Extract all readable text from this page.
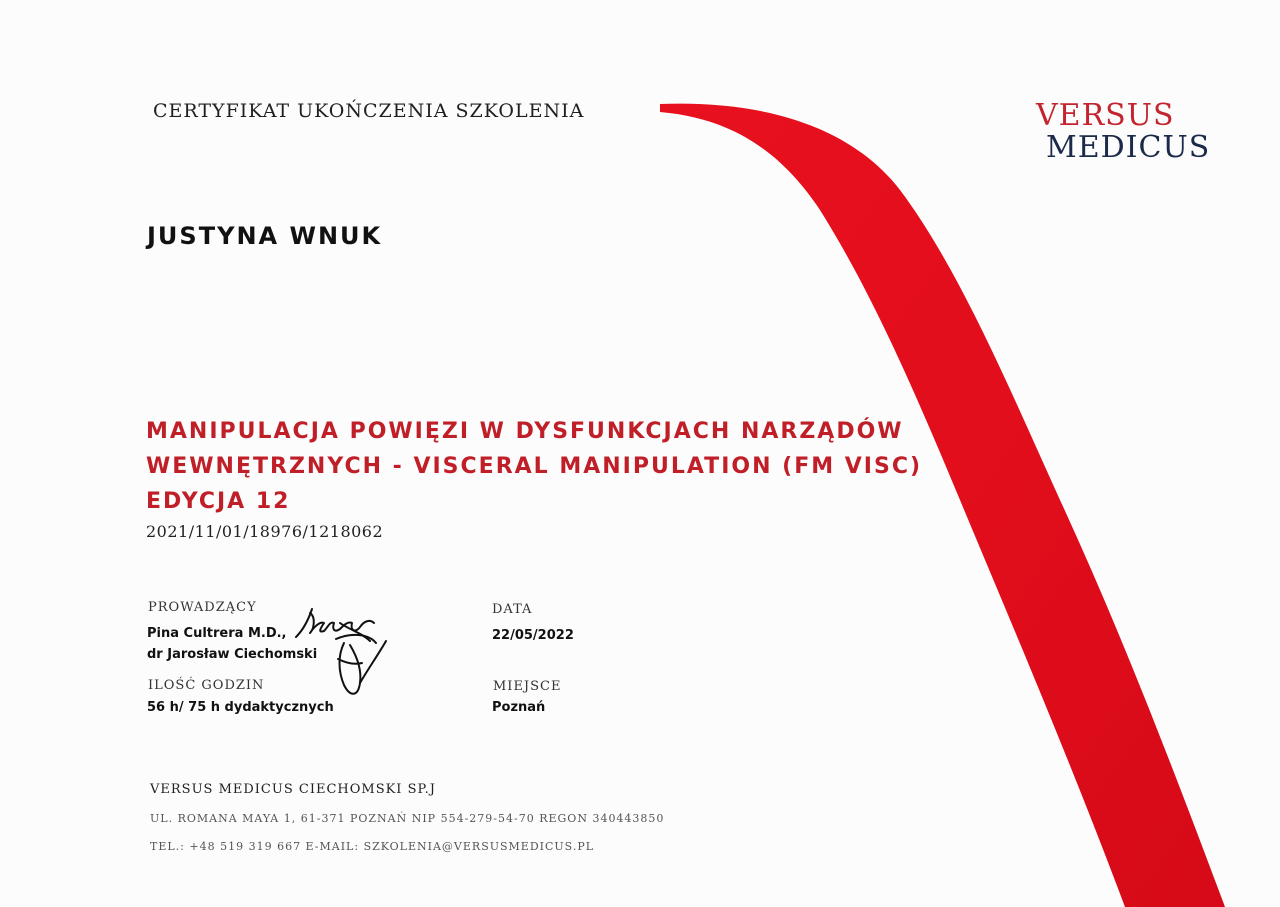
CERTYFIKAT UKOŃCZENIA SZKOLENIA	VERSUS
MEDICUS
JUSTYNA WNUK
MANIPULACJA POWIĘZI W DYSFUNKCJACH NARZĄDÓW
WEWNĘTRZNYCH - VISCERAL MANIPULATION (FM VISC)
EDYCJA 12
2021/11/01/18976/1218062
PROWADZĄCY
Pina Cultrera M.D.,
dr Jarosław Ciechomski
ILOŚĆ GODZIN
56 h/ 75 h dydaktycznych
DATA
22/05/2022
MIEJSCE
Poznań
VERSUS MEDICUS CIECHOMSKI SP.J
UL. ROMANA MAYA 1, 61-371 POZNAŃ NIP 554-279-54-70 REGON 340443850
TEL.: +48 519 319 667 E-MAIL: SZKOLENIA@VERSUSMEDICUS.PL
